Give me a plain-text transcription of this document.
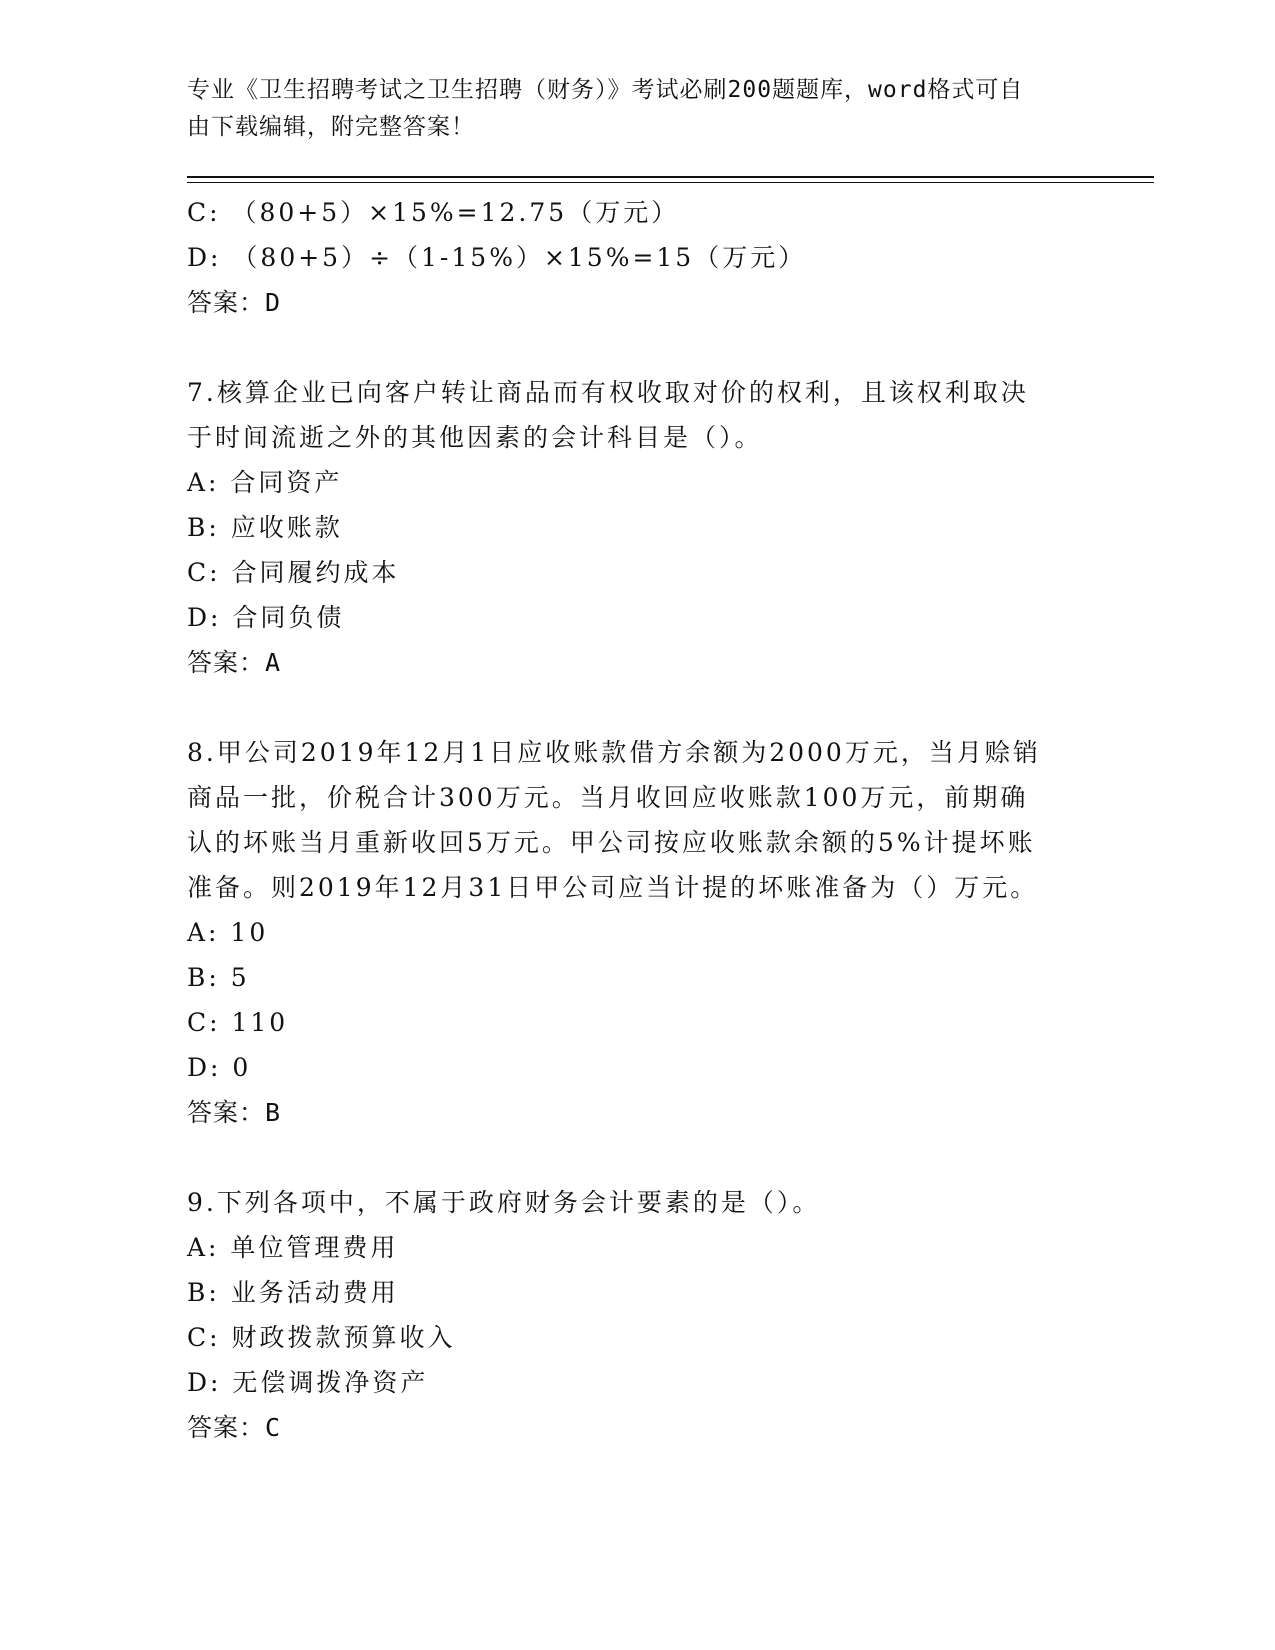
专业《卫生招聘考试之卫生招聘（财务）》考试必刷200题题库，word格式可自
由下载编辑，附完整答案！
C: （80+5）×15%=12.75（万元）
D: （80+5）÷（1-15%）×15%=15（万元）
答案：D
7.核算企业已向客户转让商品而有权收取对价的权利，且该权利取决
于时间流逝之外的其他因素的会计科目是（）。
A: 合同资产
B: 应收账款
C: 合同履约成本
D: 合同负债
答案：A
8.甲公司2019年12月1日应收账款借方余额为2000万元，当月赊销
商品一批，价税合计300万元。当月收回应收账款100万元，前期确
认的坏账当月重新收回5万元。甲公司按应收账款余额的5%计提坏账
准备。则2019年12月31日甲公司应当计提的坏账准备为（）万元。
A: 10
B: 5
C: 110
D: 0
答案：B
9.下列各项中，不属于政府财务会计要素的是（）。
A: 单位管理费用
B: 业务活动费用
C: 财政拨款预算收入
D: 无偿调拨净资产
答案：C
